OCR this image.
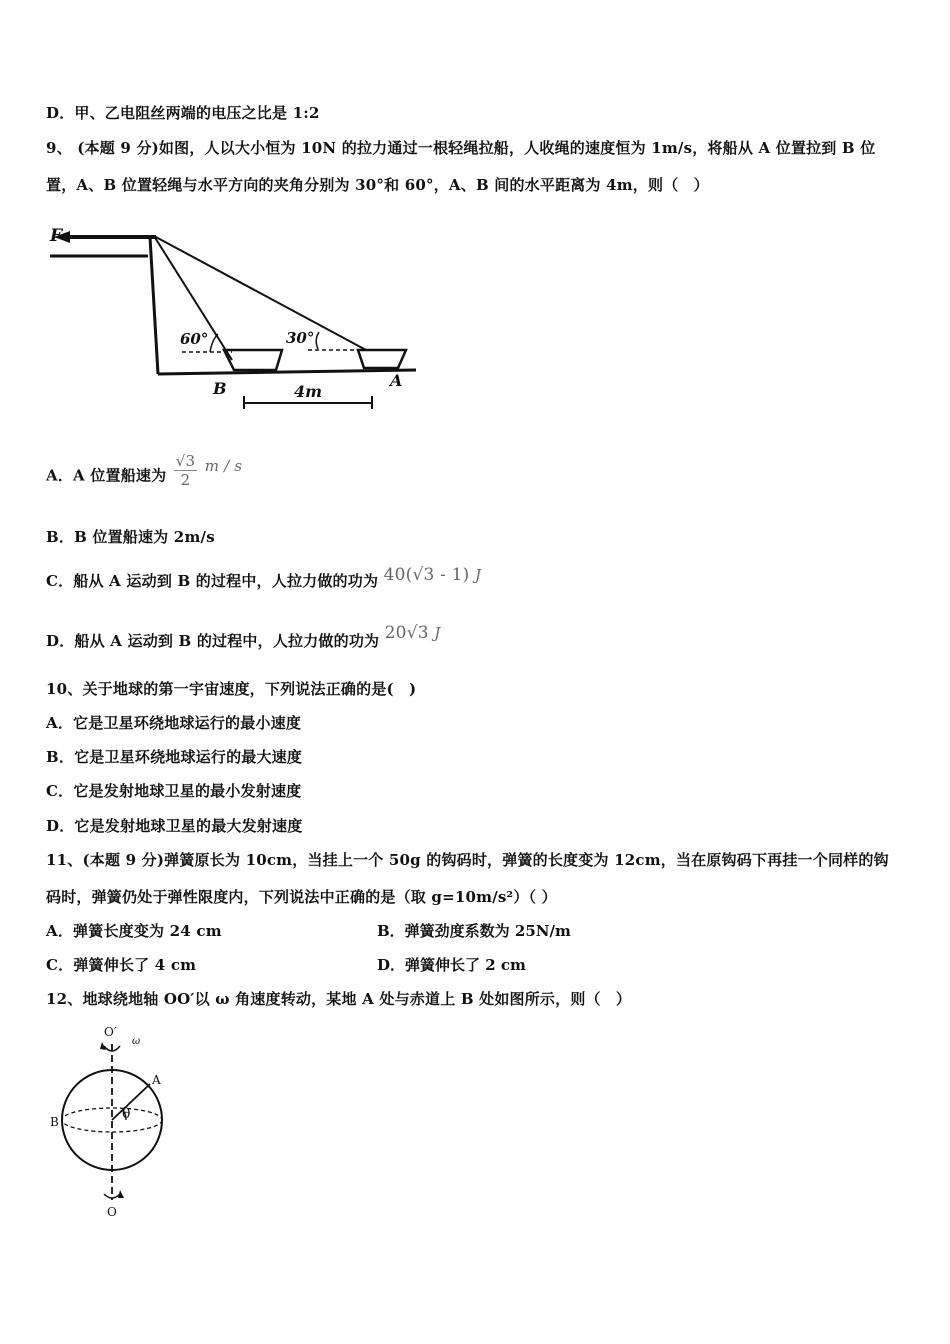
D．甲、乙电阻丝两端的电压之比是 1:2
9、 (本题 9 分)如图，人以大小恒为 10N 的拉力通过一根轻绳拉船，人收绳的速度恒为 1m/s，将船从 A 位置拉到 B 位
置，A、B 位置轻绳与水平方向的夹角分别为 30°和 60°，A、B 间的水平距离为 4m，则（　）
F
60°	30°
B	A
4m
A．A 位置船速为 $\frac{√3}{2}$ m / s
B．B 位置船速为 2m/s
C．船从 A 运动到 B 的过程中，人拉力做的功为 40(√3 - 1) J
D．船从 A 运动到 B 的过程中，人拉力做的功为 20√3 J
10、关于地球的第一宇宙速度，下列说法正确的是(　)
A．它是卫星环绕地球运行的最小速度
B．它是卫星环绕地球运行的最大速度
C．它是发射地球卫星的最小发射速度
D．它是发射地球卫星的最大发射速度
11、(本题 9 分)弹簧原长为 10cm，当挂上一个 50g 的钩码时，弹簧的长度变为 12cm，当在原钩码下再挂一个同样的钩
码时，弹簧仍处于弹性限度内，下列说法中正确的是（取 g=10m/s²）（ ）
A．弹簧长度变为 24 cm	B．弹簧劲度系数为 25N/m
C．弹簧伸长了 4 cm	D．弹簧伸长了 2 cm
12、地球绕地轴 OO′以 ω 角速度转动，某地 A 处与赤道上 B 处如图所示，则（　）
O′
ω
θ
A
B
O
